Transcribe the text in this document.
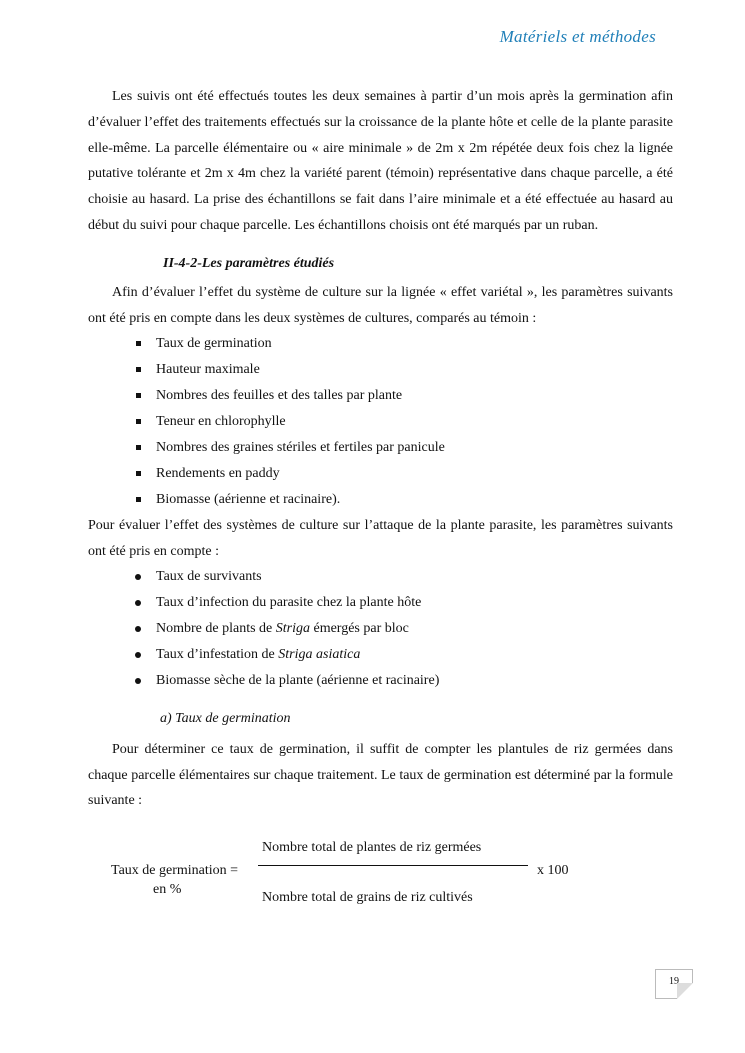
Matériels et méthodes

Les suivis ont été effectués toutes les deux semaines à partir d’un mois après la germination afin d’évaluer l’effet des traitements effectués sur la croissance de la plante hôte et celle de la plante parasite elle-même. La parcelle élémentaire ou « aire minimale » de 2m x 2m répétée deux fois chez la lignée putative tolérante et 2m x 4m chez la variété parent (témoin) représentative dans chaque parcelle, a été choisie au hasard. La prise des échantillons se fait dans l’aire minimale et a été effectuée au hasard au début du suivi pour chaque parcelle. Les échantillons choisis ont été marqués par un ruban.

II-4-2-Les paramètres étudiés

Afin d’évaluer l’effet du système de culture sur la lignée « effet variétal », les paramètres suivants ont été pris en compte dans les deux systèmes de cultures, comparés au témoin :

Taux de germination
Hauteur maximale
Nombres des feuilles et des talles par plante
Teneur en chlorophylle
Nombres des graines stériles et fertiles par panicule
Rendements en paddy
Biomasse (aérienne et racinaire).

Pour évaluer l’effet des systèmes de culture sur l’attaque de la plante parasite, les paramètres suivants ont été pris en compte :

Taux de survivants
Taux d’infection du parasite chez la plante hôte
Nombre de plants de Striga émergés par bloc
Taux d’infestation de Striga asiatica
Biomasse sèche de la plante (aérienne et racinaire)
a) Taux de germination

Pour déterminer ce taux de germination, il suffit de compter les plantules de riz germées dans chaque parcelle élémentaires sur chaque traitement. Le taux de germination est déterminé par la formule suivante :

Taux de germination =
en %
Nombre total de plantes de riz germées
x 100
Nombre total de grains de riz cultivés
19
